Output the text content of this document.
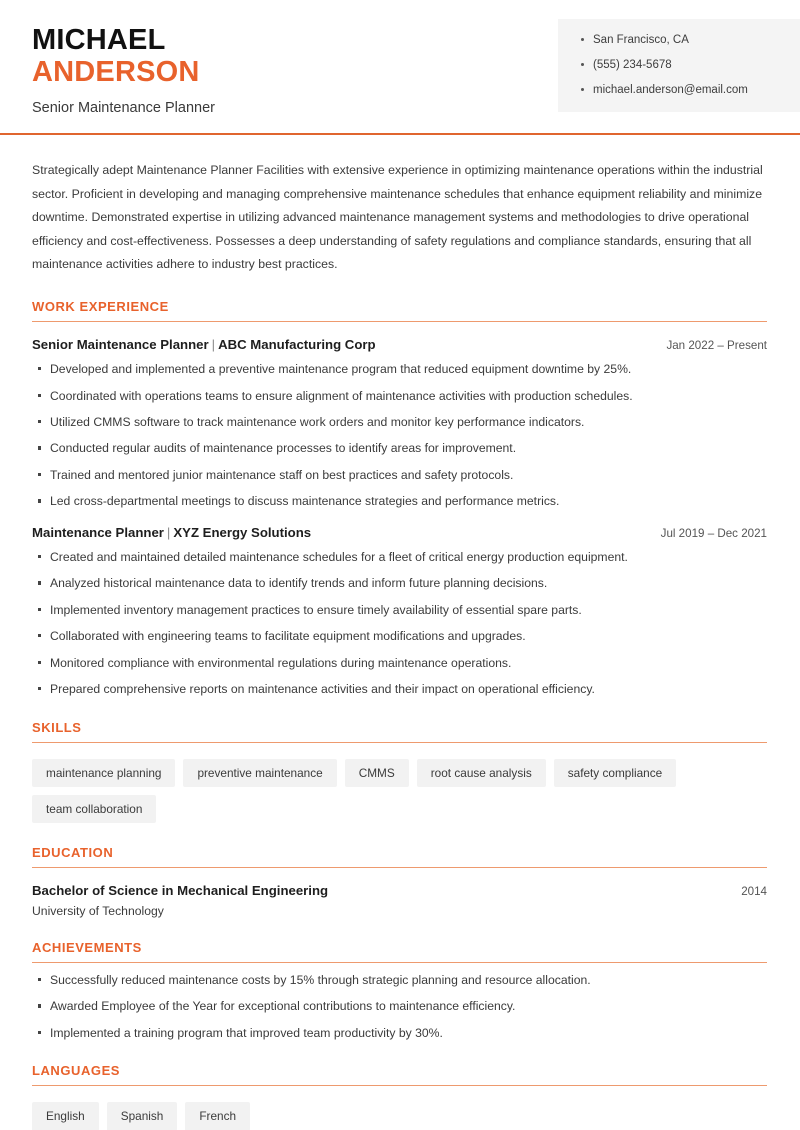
MICHAEL
ANDERSON
Senior Maintenance Planner
San Francisco, CA
(555) 234-5678
michael.anderson@email.com
Strategically adept Maintenance Planner Facilities with extensive experience in optimizing maintenance operations within the industrial sector. Proficient in developing and managing comprehensive maintenance schedules that enhance equipment reliability and minimize downtime. Demonstrated expertise in utilizing advanced maintenance management systems and methodologies to drive operational efficiency and cost-effectiveness. Possesses a deep understanding of safety regulations and compliance standards, ensuring that all maintenance activities adhere to industry best practices.
WORK EXPERIENCE
Senior Maintenance Planner | ABC Manufacturing Corp	Jan 2022 – Present
Developed and implemented a preventive maintenance program that reduced equipment downtime by 25%.
Coordinated with operations teams to ensure alignment of maintenance activities with production schedules.
Utilized CMMS software to track maintenance work orders and monitor key performance indicators.
Conducted regular audits of maintenance processes to identify areas for improvement.
Trained and mentored junior maintenance staff on best practices and safety protocols.
Led cross-departmental meetings to discuss maintenance strategies and performance metrics.
Maintenance Planner | XYZ Energy Solutions	Jul 2019 – Dec 2021
Created and maintained detailed maintenance schedules for a fleet of critical energy production equipment.
Analyzed historical maintenance data to identify trends and inform future planning decisions.
Implemented inventory management practices to ensure timely availability of essential spare parts.
Collaborated with engineering teams to facilitate equipment modifications and upgrades.
Monitored compliance with environmental regulations during maintenance operations.
Prepared comprehensive reports on maintenance activities and their impact on operational efficiency.
SKILLS
maintenance planning	preventive maintenance	CMMS	root cause analysis	safety compliance
team collaboration
EDUCATION
Bachelor of Science in Mechanical Engineering	2014
University of Technology
ACHIEVEMENTS
Successfully reduced maintenance costs by 15% through strategic planning and resource allocation.
Awarded Employee of the Year for exceptional contributions to maintenance efficiency.
Implemented a training program that improved team productivity by 30%.
LANGUAGES
English	Spanish	French
